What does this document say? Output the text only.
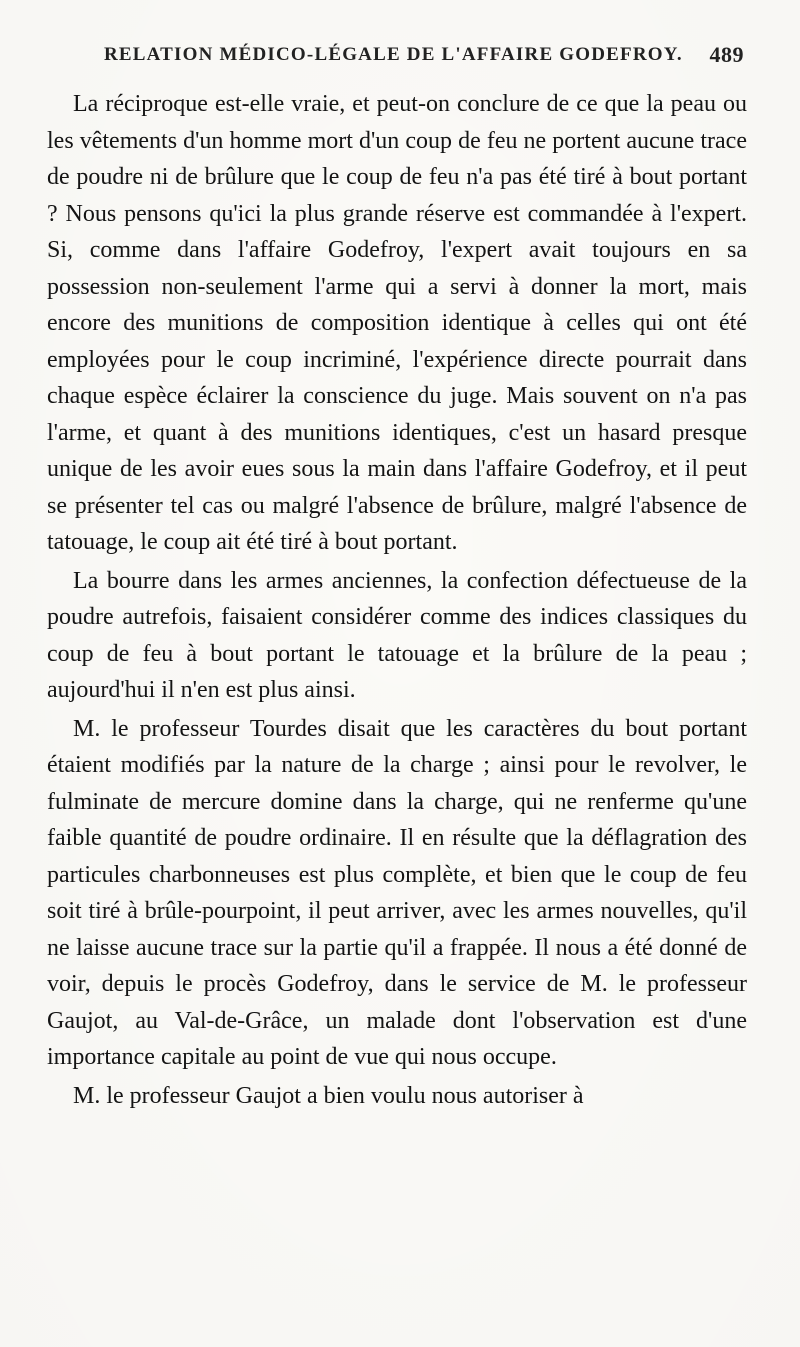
RELATION MÉDICO-LÉGALE DE L'AFFAIRE GODEFROY. 489

La réciproque est-elle vraie, et peut-on conclure de ce que la peau ou les vêtements d'un homme mort d'un coup de feu ne portent aucune trace de poudre ni de brûlure que le coup de feu n'a pas été tiré à bout portant ? Nous pensons qu'ici la plus grande réserve est commandée à l'expert. Si, comme dans l'affaire Godefroy, l'expert avait toujours en sa possession non-seulement l'arme qui a servi à donner la mort, mais encore des munitions de composition identique à celles qui ont été employées pour le coup incriminé, l'expérience directe pourrait dans chaque espèce éclairer la conscience du juge. Mais souvent on n'a pas l'arme, et quant à des munitions identiques, c'est un hasard presque unique de les avoir eues sous la main dans l'affaire Godefroy, et il peut se présenter tel cas ou malgré l'absence de brûlure, malgré l'absence de tatouage, le coup ait été tiré à bout portant.

La bourre dans les armes anciennes, la confection défectueuse de la poudre autrefois, faisaient considérer comme des indices classiques du coup de feu à bout portant le tatouage et la brûlure de la peau ; aujourd'hui il n'en est plus ainsi.

M. le professeur Tourdes disait que les caractères du bout portant étaient modifiés par la nature de la charge ; ainsi pour le revolver, le fulminate de mercure domine dans la charge, qui ne renferme qu'une faible quantité de poudre ordinaire. Il en résulte que la déflagration des particules charbonneuses est plus complète, et bien que le coup de feu soit tiré à brûle-pourpoint, il peut arriver, avec les armes nouvelles, qu'il ne laisse aucune trace sur la partie qu'il a frappée. Il nous a été donné de voir, depuis le procès Godefroy, dans le service de M. le professeur Gaujot, au Val-de-Grâce, un malade dont l'observation est d'une importance capitale au point de vue qui nous occupe.

M. le professeur Gaujot a bien voulu nous autoriser à
